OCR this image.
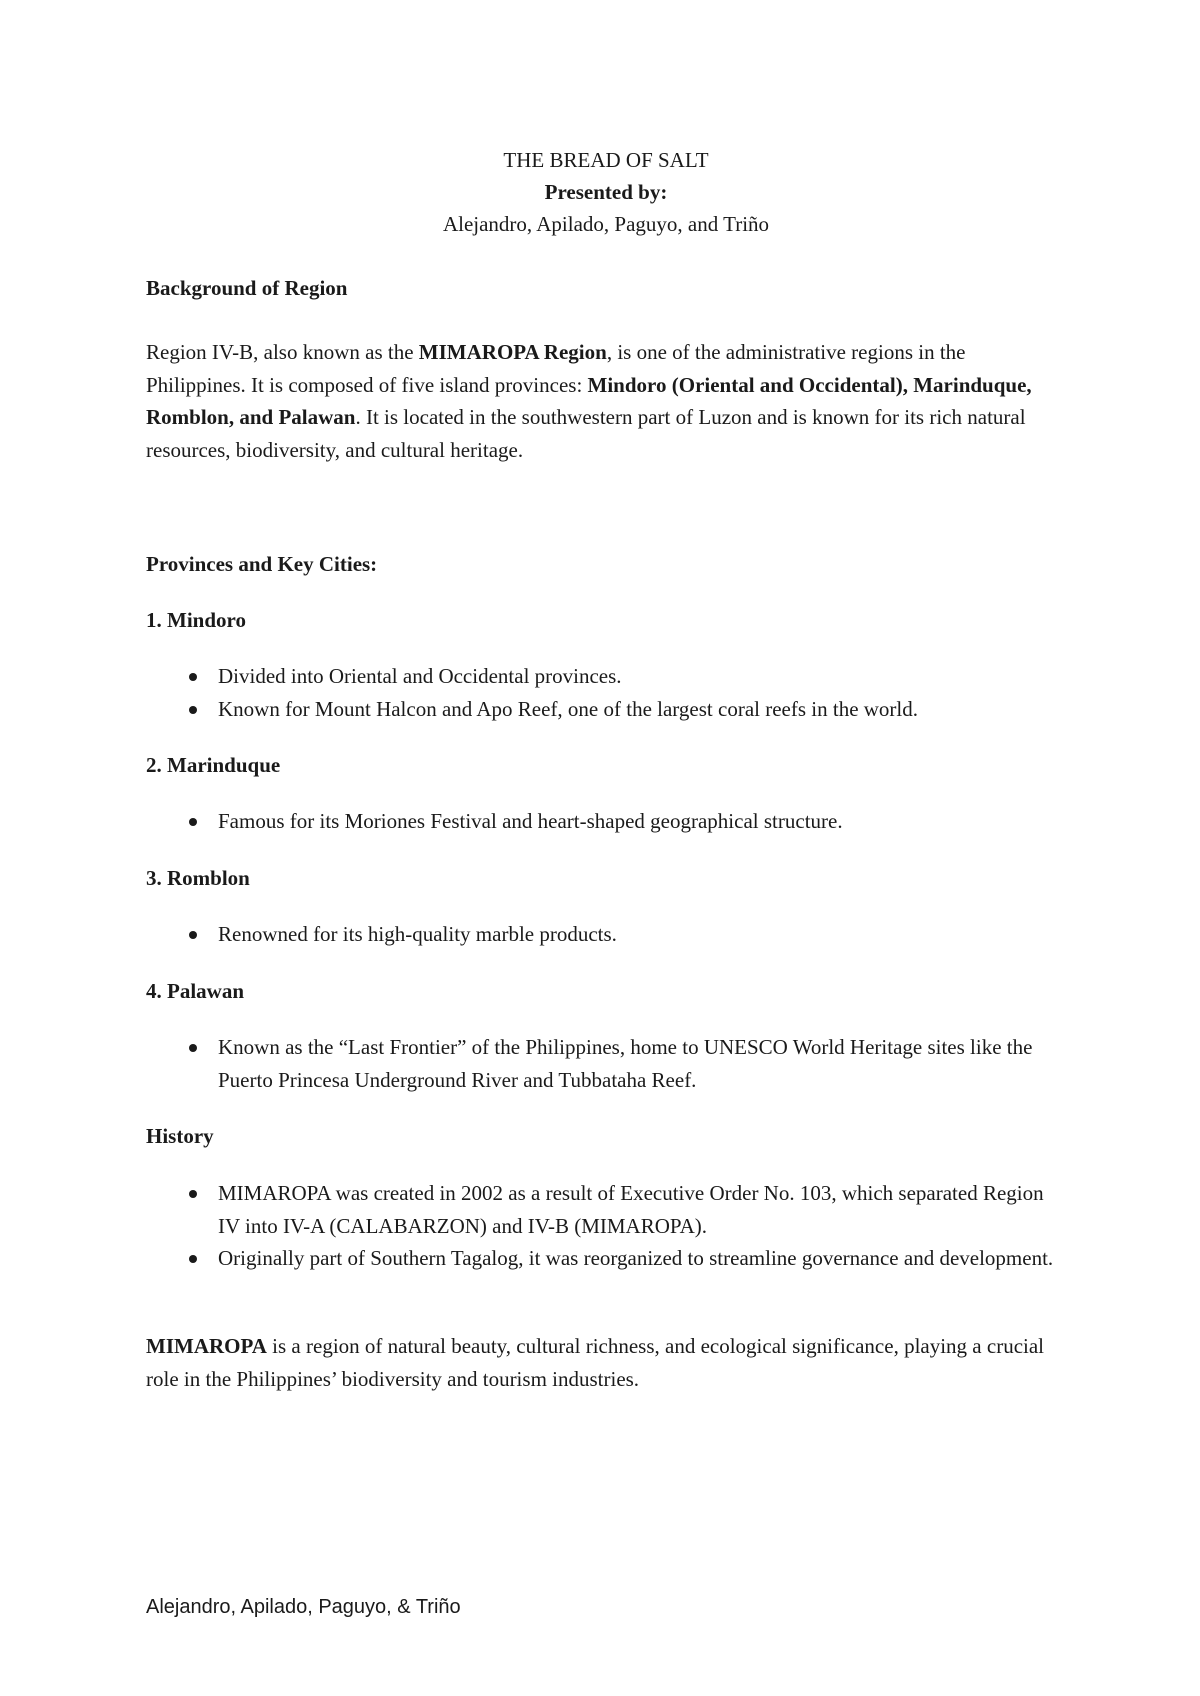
THE BREAD OF SALT
Presented by:
Alejandro, Apilado, Paguyo, and Triño
Background of Region
Region IV-B, also known as the MIMAROPA Region, is one of the administrative regions in the Philippines. It is composed of five island provinces: Mindoro (Oriental and Occidental), Marinduque, Romblon, and Palawan. It is located in the southwestern part of Luzon and is known for its rich natural resources, biodiversity, and cultural heritage.
Provinces and Key Cities:
1. Mindoro
Divided into Oriental and Occidental provinces.
Known for Mount Halcon and Apo Reef, one of the largest coral reefs in the world.
2. Marinduque
Famous for its Moriones Festival and heart-shaped geographical structure.
3. Romblon
Renowned for its high-quality marble products.
4. Palawan
Known as the “Last Frontier” of the Philippines, home to UNESCO World Heritage sites like the Puerto Princesa Underground River and Tubbataha Reef.
History
MIMAROPA was created in 2002 as a result of Executive Order No. 103, which separated Region IV into IV-A (CALABARZON) and IV-B (MIMAROPA).
Originally part of Southern Tagalog, it was reorganized to streamline governance and development.
MIMAROPA is a region of natural beauty, cultural richness, and ecological significance, playing a crucial role in the Philippines’ biodiversity and tourism industries.
Alejandro, Apilado, Paguyo, & Triño
